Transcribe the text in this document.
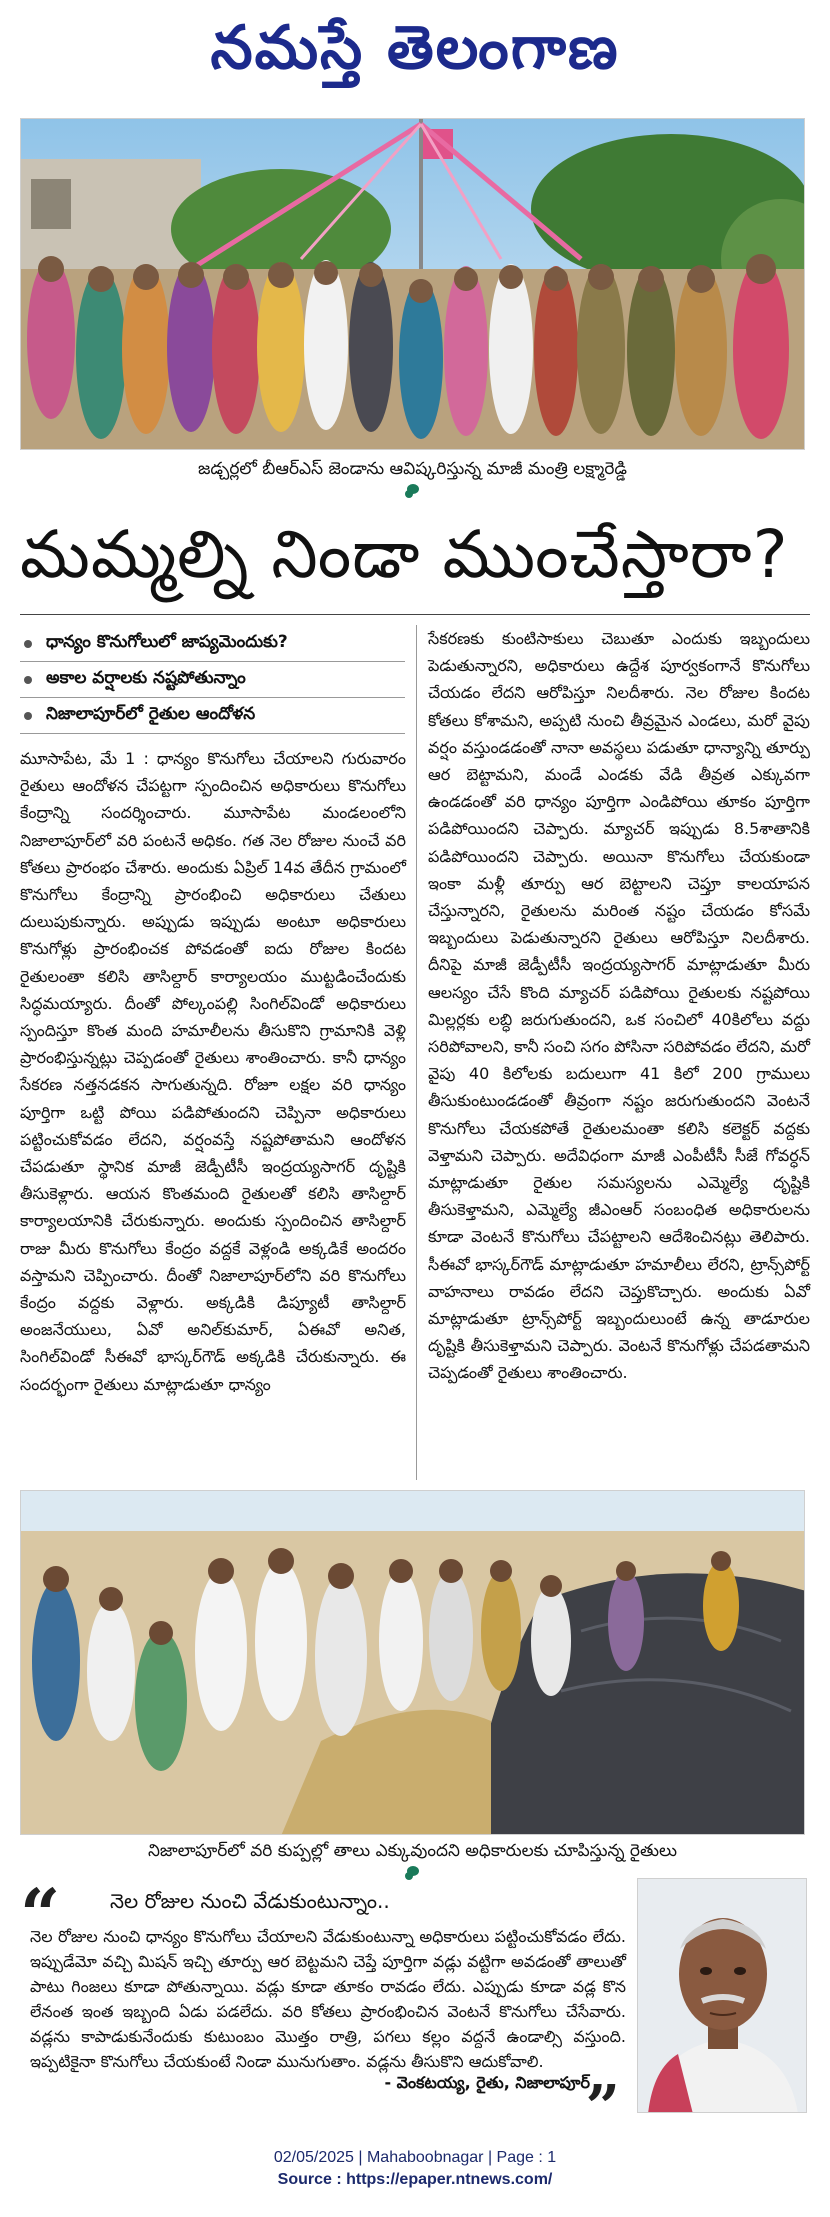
నమస్తే తెలంగాణ
జడ్చర్లలో బీఆర్ఎస్ జెండాను ఆవిష్కరిస్తున్న మాజీ మంత్రి లక్ష్మారెడ్డి
మమ్మల్ని నిండా ముంచేస్తారా?
ధాన్యం కొనుగోలులో జాప్యమెందుకు?
అకాల వర్షాలకు నష్టపోతున్నాం
నిజాలాపూర్‌లో రైతుల ఆందోళన
మూసాపేట, మే 1 : ధాన్యం కొనుగోలు చేయాలని గురువారం రైతులు ఆందోళన చేపట్టగా స్పందించిన అధికారులు కొనుగోలు కేంద్రాన్ని సందర్శించారు. మూసాపేట మండలంలోని నిజాలాపూర్‌లో వరి పంటనే అధికం. గత నెల రోజుల నుంచే వరి కోతలు ప్రారంభం చేశారు. అందుకు ఏప్రిల్ 14వ తేదీన గ్రామంలో కొనుగోలు కేంద్రాన్ని ప్రారంభించి అధికారులు చేతులు దులుపుకున్నారు. అప్పుడు ఇప్పుడు అంటూ అధికారులు కొనుగోళ్లు ప్రారంభించక పోవడంతో ఐదు రోజుల కిందట రైతులంతా కలిసి తాసిల్దార్ కార్యాలయం ముట్టడించేందుకు సిద్ధమయ్యారు. దీంతో పోల్కంపల్లి సింగిల్‌విండో అధికారులు స్పందిస్తూ కొంత మంది హమాలీలను తీసుకొని గ్రామానికి వెళ్లి ప్రారంభిస్తున్నట్లు చెప్పడంతో రైతులు శాంతించారు. కానీ ధాన్యం సేకరణ నత్తనడకన సాగుతున్నది. రోజూ లక్షల వరి ధాన్యం పూర్తిగా ఒట్టి పోయి పడిపోతుందని చెప్పినా అధికారులు పట్టించుకోవడం లేదని, వర్షంవస్తే నష్టపోతామని ఆందోళన చేపడుతూ స్థానిక మాజీ జెడ్పీటీసీ ఇంద్రయ్యసాగర్ దృష్టికి తీసుకెళ్లారు. ఆయన కొంతమంది రైతులతో కలిసి తాసిల్దార్ కార్యాలయానికి చేరుకున్నారు. అందుకు స్పందించిన తాసిల్దార్ రాజు మీరు కొనుగోలు కేంద్రం వద్దకే వెళ్లండి అక్కడికే అందరం వస్తామని చెప్పించారు. దీంతో నిజాలాపూర్‌లోని వరి కొనుగోలు కేంద్రం వద్దకు వెళ్లారు. అక్కడికి డిప్యూటీ తాసిల్దార్ అంజనేయులు, ఏవో అనిల్‌కుమార్, ఏఈవో అనిత, సింగిల్‌విండో సీఈవో భాస్కర్‌గౌడ్ అక్కడికి చేరుకున్నారు. ఈ సందర్భంగా రైతులు మాట్లాడుతూ ధాన్యం
సేకరణకు కుంటిసాకులు చెబుతూ ఎందుకు ఇబ్బందులు పెడుతున్నారని, అధికారులు ఉద్దేశ పూర్వకంగానే కొనుగోలు చేయడం లేదని ఆరోపిస్తూ నిలదీశారు. నెల రోజుల కిందట కోతలు కోశామని, అప్పటి నుంచి తీవ్రమైన ఎండలు, మరో వైపు వర్షం వస్తుండడంతో నానా అవస్థలు పడుతూ ధాన్యాన్ని తూర్పు ఆర బెట్టామని, మండే ఎండకు వేడి తీవ్రత ఎక్కువగా ఉండడంతో వరి ధాన్యం పూర్తిగా ఎండిపోయి తూకం పూర్తిగా పడిపోయిందని చెప్పారు. మ్యాచర్ ఇప్పుడు 8.5శాతానికి పడిపోయిందని చెప్పారు. అయినా కొనుగోలు చేయకుండా ఇంకా మళ్లీ తూర్పు ఆర బెట్టాలని చెప్తూ కాలయాపన చేస్తున్నారని, రైతులను మరింత నష్టం చేయడం కోసమే ఇబ్బందులు పెడుతున్నారని రైతులు ఆరోపిస్తూ నిలదీశారు. దీనిపై మాజీ జెడ్పీటీసీ ఇంద్రయ్యసాగర్ మాట్లాడుతూ మీరు ఆలస్యం చేసే కొంది మ్యాచర్ పడిపోయి రైతులకు నష్టపోయి మిల్లర్లకు లబ్ధి జరుగుతుందని, ఒక సంచిలో 40కిలోలు వద్దు సరిపోవాలని, కానీ సంచి సగం పోసినా సరిపోవడం లేదని, మరో వైపు 40 కిలోలకు బదులుగా 41 కిలో 200 గ్రాములు తీసుకుంటుండడంతో తీవ్రంగా నష్టం జరుగుతుందని వెంటనే కొనుగోలు చేయకపోతే రైతులమంతా కలిసి కలెక్టర్ వద్దకు వెళ్తామని చెప్పారు. అదేవిధంగా మాజీ ఎంపీటీసీ సీజే గోవర్ధన్ మాట్లాడుతూ రైతుల సమస్యలను ఎమ్మెల్యే దృష్టికి తీసుకెళ్తామని, ఎమ్మెల్యే జీఎంఆర్ సంబంధిత అధికారులను కూడా వెంటనే కొనుగోలు చేపట్టాలని ఆదేశించినట్లు తెలిపారు. సీఈవో భాస్కర్‌గౌడ్ మాట్లాడుతూ హమాలీలు లేరని, ట్రాన్స్‌పోర్ట్ వాహనాలు రావడం లేదని చెప్తుకొచ్చారు. అందుకు ఏవో మాట్లాడుతూ ట్రాన్స్‌పోర్ట్ ఇబ్బందులుంటే ఉన్న తాడూరుల దృష్టికి తీసుకెళ్తామని చెప్పారు. వెంటనే కొనుగోళ్లు చేపడతామని చెప్పడంతో రైతులు శాంతించారు.
నిజాలాపూర్‌లో వరి కుప్పల్లో తాలు ఎక్కువుందని అధికారులకు చూపిస్తున్న రైతులు
“ నెల రోజుల నుంచి వేడుకుంటున్నాం..
నెల రోజుల నుంచి ధాన్యం కొనుగోలు చేయాలని వేడుకుంటున్నా అధికారులు పట్టించుకోవడం లేదు. ఇప్పుడేమో వచ్చి మిషన్ ఇచ్చి తూర్పు ఆర బెట్టమని చెప్తే పూర్తిగా వడ్లు వట్టిగా అవడంతో తాలుతో పాటు గింజలు కూడా పోతున్నాయి. వడ్లు కూడా తూకం రావడం లేదు. ఎప్పుడు కూడా వడ్ల కొన లేనంత ఇంత ఇబ్బంది ఏడు పడలేదు. వరి కోతలు ప్రారంభించిన వెంటనే కొనుగోలు చేసేవారు. వడ్లను కాపాడుకునేందుకు కుటుంబం మొత్తం రాత్రి, పగలు కల్లం వద్దనే ఉండాల్సి వస్తుంది. ఇప్పటికైనా కొనుగోలు చేయకుంటే నిండా మునుగుతాం. వడ్లను తీసుకొని ఆదుకోవాలి.
- వెంకటయ్య, రైతు, నిజాలాపూర్
”
02/05/2025 | Mahaboobnagar | Page : 1
Source : https://epaper.ntnews.com/
